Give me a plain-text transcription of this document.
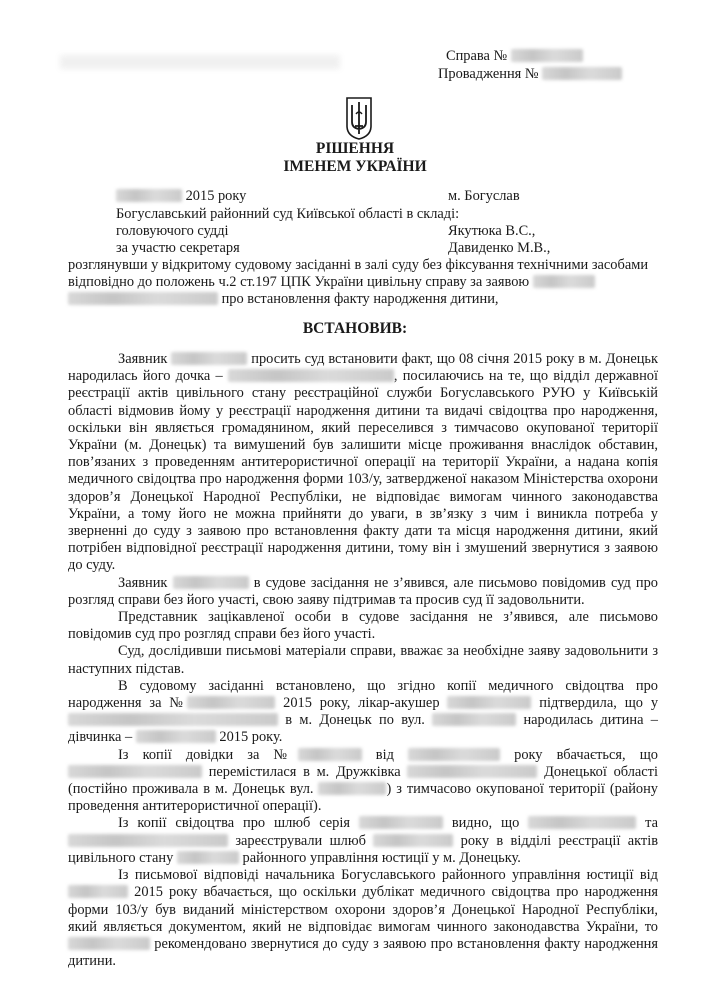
Справа №
Провадження №
РІШЕННЯ
ІМЕНЕМ УКРАЇНИ
2015 року	м. Богуслав
Богуславський районний суд Київської області в складі:
головуючого судді	Якутюка В.С.,
за участю секретаря	Давиденко М.В.,

розглянувши у відкритому судовому засіданні в залі суду без фіксування технічними засобами

відповідно до положень ч.2 ст.197 ЦПК України цивільну справу за заявою

про встановлення факту народження дитини,

ВСТАНОВИВ:

Заявник	просить суд встановити факт, що 08 січня 2015 року в м. Донецьк народилась його дочка –	, посилаючись на те, що відділ державної реєстрації актів цивільного стану реєстраційної служби Богуславського РУЮ у Київській області відмовив йому у реєстрації народження дитини та видачі свідоцтва про народження, оскільки він являється громадянином, який переселився з тимчасово окупованої території України (м. Донецьк) та вимушений був залишити місце проживання внаслідок обставин, пов’язаних з проведенням антитерористичної операції на території України, а надана копія медичного свідоцтва про народження форми 103/у, затвердженої наказом Міністерства охорони здоров’я Донецької Народної Республіки, не відповідає вимогам чинного законодавства України, а тому його не можна прийняти до уваги, в зв’язку з чим і виникла потреба у зверненні до суду з заявою про встановлення факту дати та місця народження дитини, який потрібен відповідної реєстрації народження дитини, тому він і змушений звернутися з заявою до суду.

Заявник	в судове засідання не з’явився, але письмово повідомив суд про розгляд справи без його участі, свою заяву підтримав та просив суд її задовольнити.

Представник зацікавленої особи в судове засідання не з’явився, але письмово повідомив суд про розгляд справи без його участі.

Суд, дослідивши письмові матеріали справи, вважає за необхідне заяву задовольнити з наступних підстав.

В судовому засіданні встановлено, що згідно копії медичного свідоцтва про народження за №	2015 року, лікар-акушер	підтвердила, що у  в м. Донецьк по вул.	народилась дитина – дівчинка –	2015 року.

Із копії довідки за №	від	року вбачається, що  перемістилася в м. Дружківка	Донецької області (постійно проживала в м. Донецьк вул.	) з тимчасово окупованої території (району проведення антитерористичної операції).

Із копії свідоцтва про шлюб серія	видно, що	та  зареєстрували шлюб	року в відділі реєстрації актів цивільного стану	районного управління юстиції у м. Донецьку.

Із письмової відповіді начальника Богуславського районного управління юстиції від  2015 року вбачається, що оскільки дублікат медичного свідоцтва про народження форми 103/у був виданий міністерством охорони здоров’я Донецької Народної Республіки, який являється документом, який не відповідає вимогам чинного законодавства України, то  рекомендовано звернутися до суду з заявою про встановлення факту народження дитини.
